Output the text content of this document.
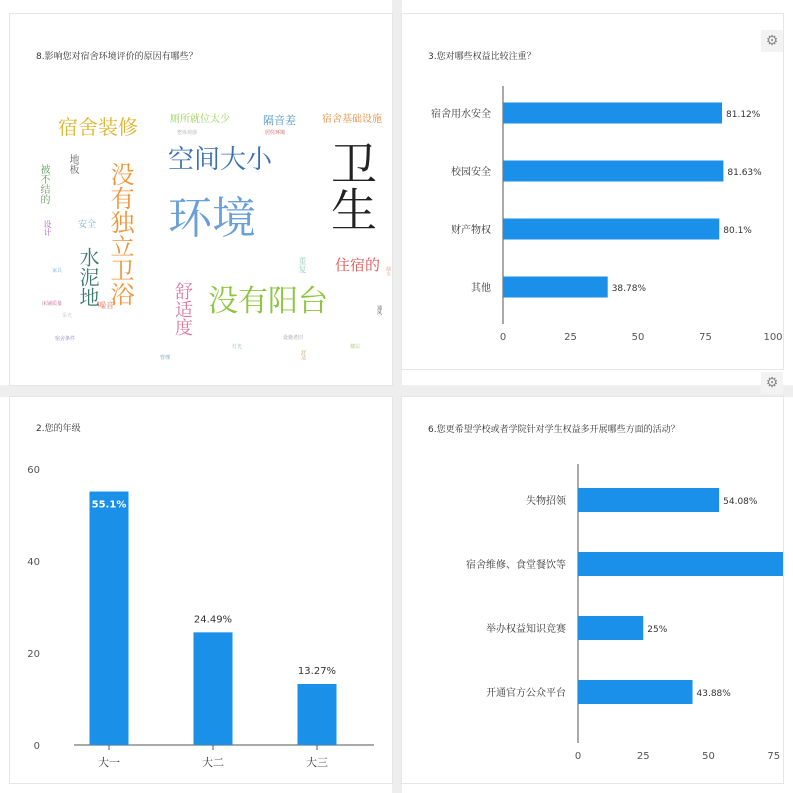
8.影响您对宿舍环境评价的原因有哪些？
环境 卫生
没有独立卫浴 没有阳台
空间大小
宿舍装修
水泥地
舒适度
住宿的
厕所就位太少	隔音差	宿舍基础设施
地板
被不结的
安全
重复
设计
噪音
整体观感
床铺质量
居住环境
宿舍条件
家具
采光
通风
设施老旧
灯光
舒适
漏水
管理
楼层
3.您对哪些权益比较注重？
⚙
0	25	50	75	100
宿舍用水安全	81.12%
校园安全	81.63%
财产物权	80.1%
其他	38.78%
⚙
2.您的年级
0
20
40
60
大一
55.1%
大二
24.49%
大三
13.27%
6.您更希望学校或者学院针对学生权益多开展哪些方面的活动？
0	25	50	75
失物招领	54.08%
宿舍维修、食堂餐饮等
举办权益知识竞赛	25%
开通官方公众平台	43.88%
